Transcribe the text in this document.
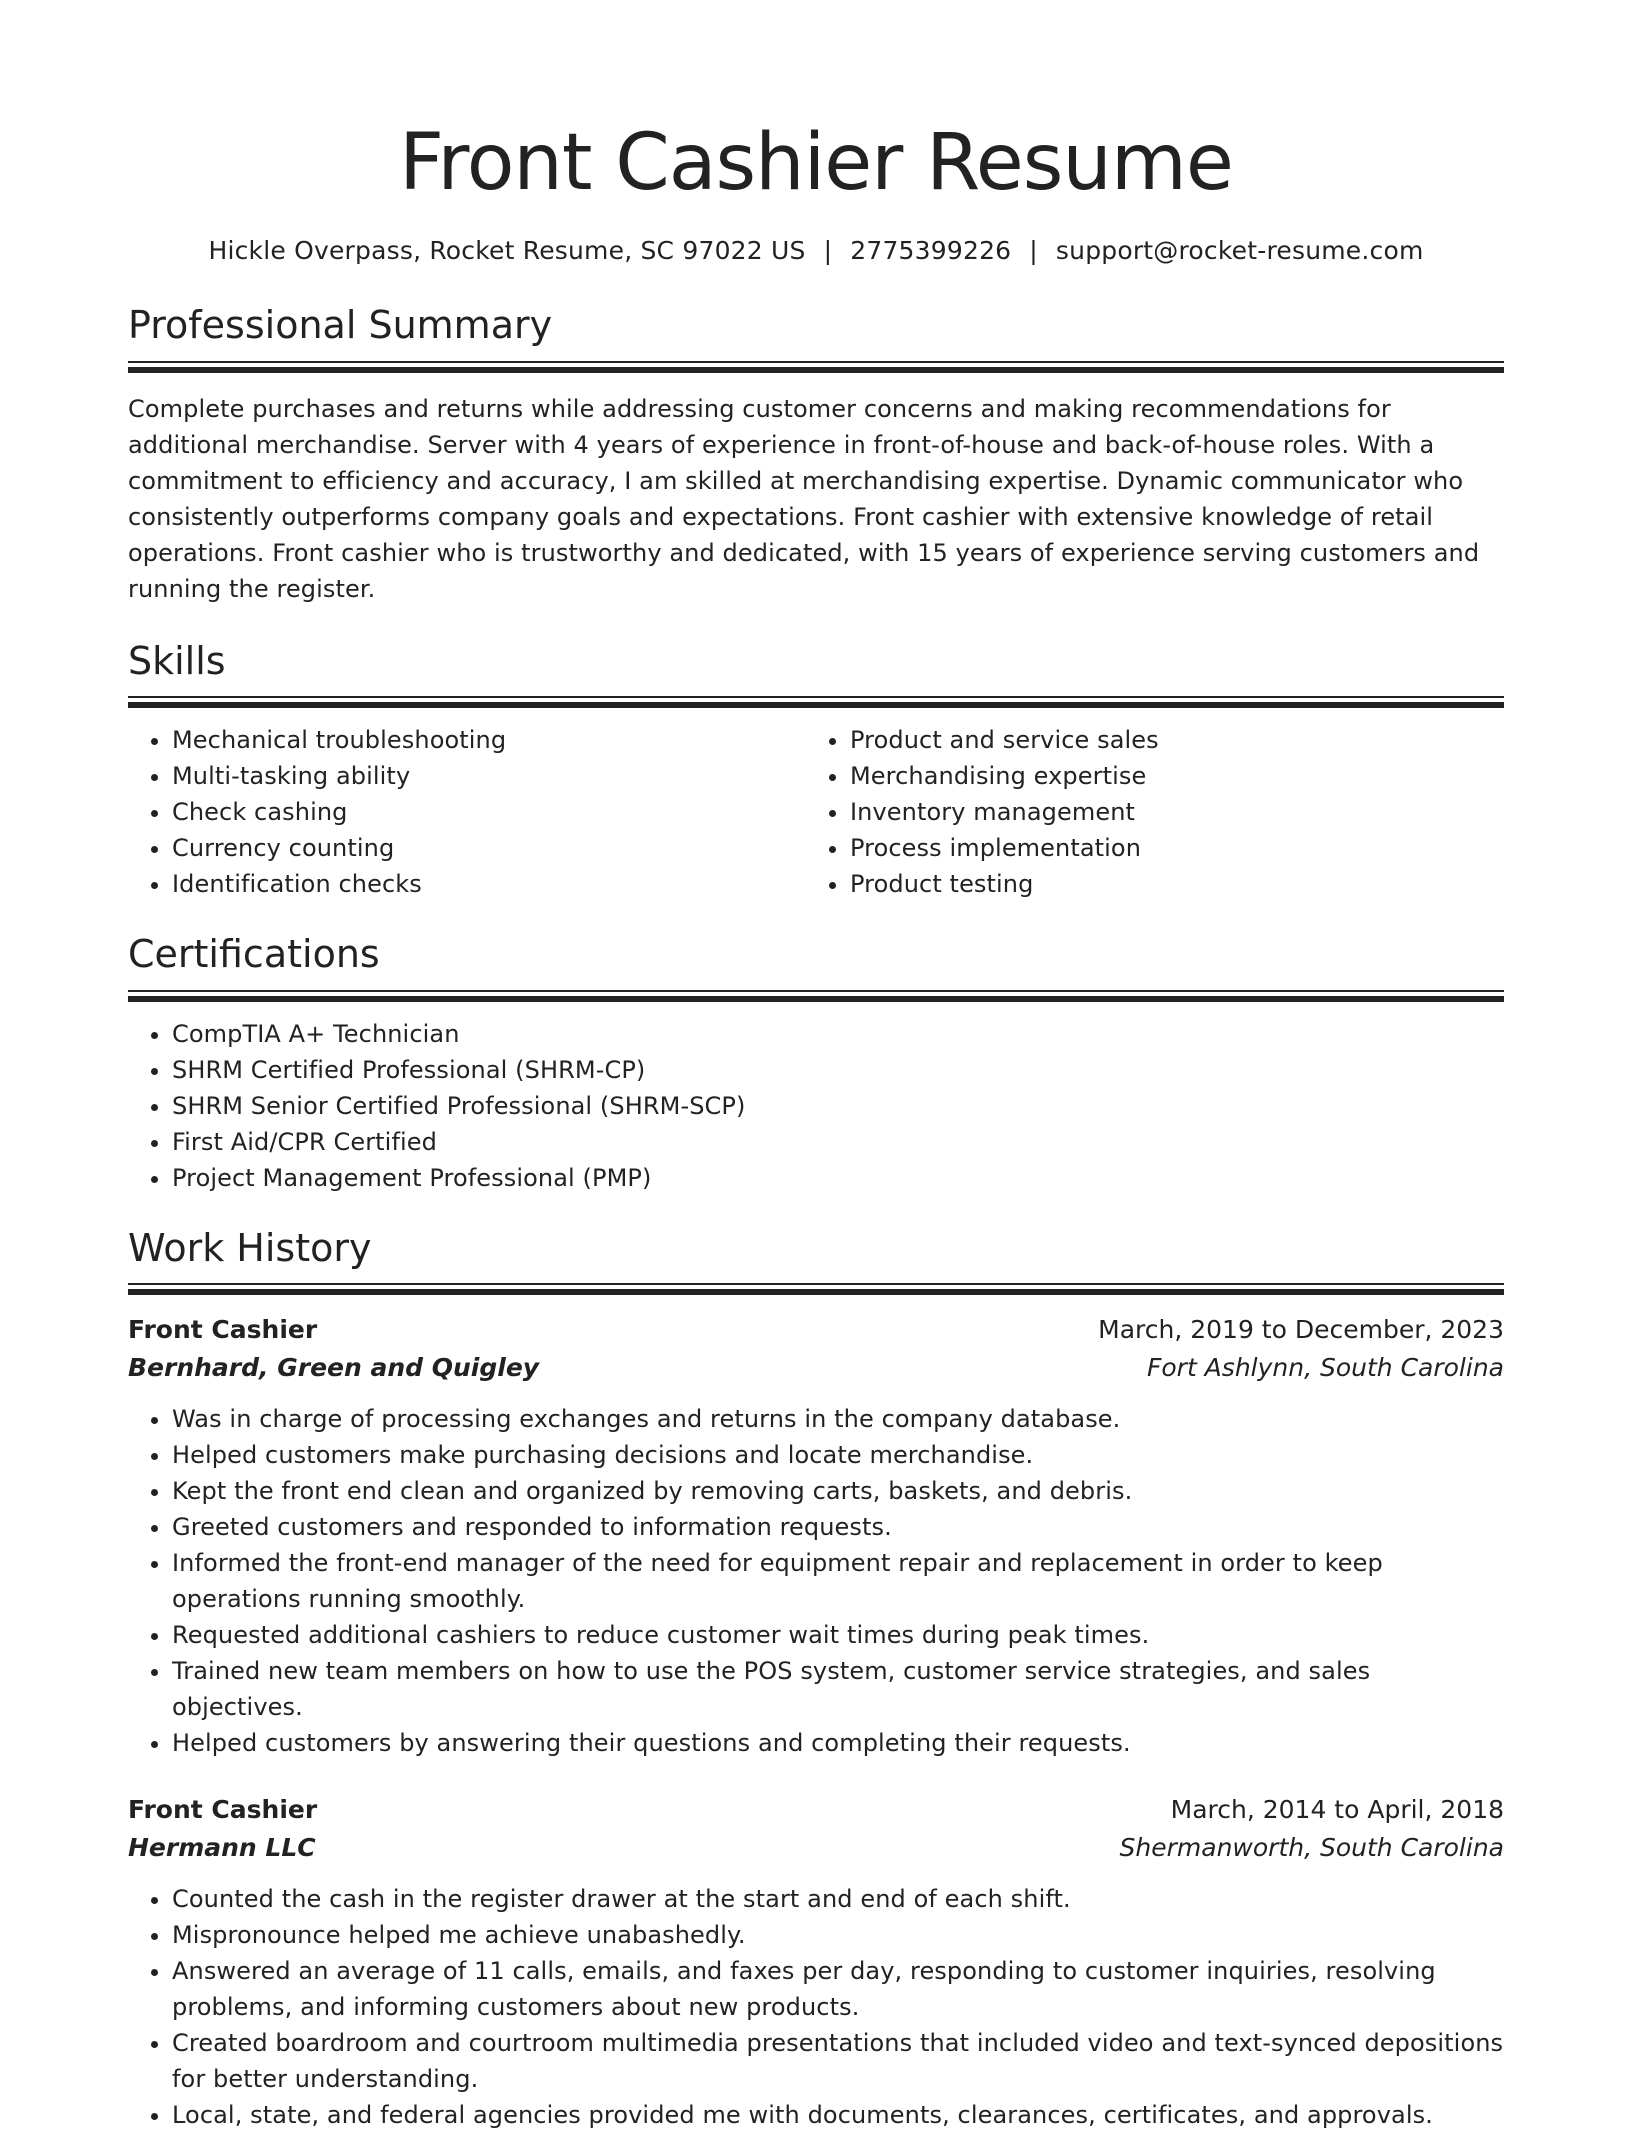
Front Cashier Resume
Hickle Overpass, Rocket Resume, SC 97022 US | 2775399226 | support@rocket-resume.com
Professional Summary
Complete purchases and returns while addressing customer concerns and making recommendations for additional merchandise. Server with 4 years of experience in front-of-house and back-of-house roles. With a commitment to efficiency and accuracy, I am skilled at merchandising expertise. Dynamic communicator who consistently outperforms company goals and expectations. Front cashier with extensive knowledge of retail operations. Front cashier who is trustworthy and dedicated, with 15 years of experience serving customers and running the register.
Skills
• Mechanical troubleshooting
• Multi-tasking ability
• Check cashing
• Currency counting
• Identification checks
• Product and service sales
• Merchandising expertise
• Inventory management
• Process implementation
• Product testing
Certifications
• CompTIA A+ Technician
• SHRM Certified Professional (SHRM-CP)
• SHRM Senior Certified Professional (SHRM-SCP)
• First Aid/CPR Certified
• Project Management Professional (PMP)
Work History
Front Cashier	March, 2019 to December, 2023
Bernhard, Green and Quigley	Fort Ashlynn, South Carolina
• Was in charge of processing exchanges and returns in the company database.
• Helped customers make purchasing decisions and locate merchandise.
• Kept the front end clean and organized by removing carts, baskets, and debris.
• Greeted customers and responded to information requests.
• Informed the front-end manager of the need for equipment repair and replacement in order to keep operations running smoothly.
• Requested additional cashiers to reduce customer wait times during peak times.
• Trained new team members on how to use the POS system, customer service strategies, and sales objectives.
• Helped customers by answering their questions and completing their requests.
Front Cashier	March, 2014 to April, 2018
Hermann LLC	Shermanworth, South Carolina
• Counted the cash in the register drawer at the start and end of each shift.
• Mispronounce helped me achieve unabashedly.
• Answered an average of 11 calls, emails, and faxes per day, responding to customer inquiries, resolving problems, and informing customers about new products.
• Created boardroom and courtroom multimedia presentations that included video and text-synced depositions for better understanding.
• Local, state, and federal agencies provided me with documents, clearances, certificates, and approvals.
